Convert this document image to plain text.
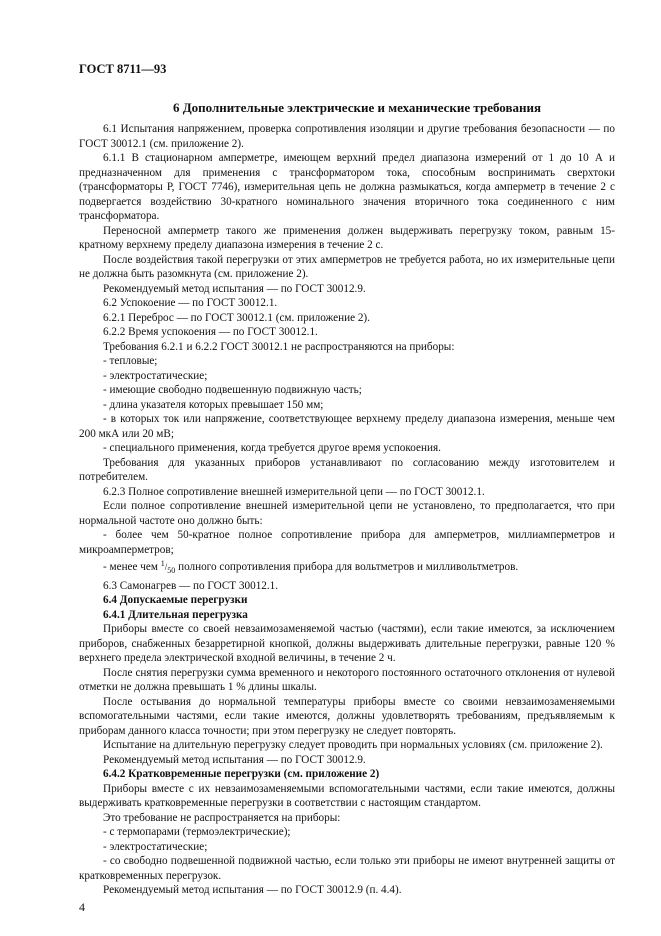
ГОСТ 8711—93
6 Дополнительные электрические и механические требования
6.1 Испытания напряжением, проверка сопротивления изоляции и другие требования безопасности — по ГОСТ 30012.1 (см. приложение 2).
6.1.1 В стационарном амперметре, имеющем верхний предел диапазона измерений от 1 до 10 А и предназначенном для применения с трансформатором тока, способным воспринимать сверхтоки (трансформаторы Р, ГОСТ 7746), измерительная цепь не должна размыкаться, когда амперметр в течение 2 с подвергается воздействию 30-кратного номинального значения вторичного тока соединенного с ним трансформатора.
Переносной амперметр такого же применения должен выдерживать перегрузку током, равным 15-кратному верхнему пределу диапазона измерения в течение 2 с.
После воздействия такой перегрузки от этих амперметров не требуется работа, но их измерительные цепи не должна быть разомкнута (см. приложение 2).
Рекомендуемый метод испытания — по ГОСТ 30012.9.
6.2 Успокоение — по ГОСТ 30012.1.
6.2.1 Переброс — по ГОСТ 30012.1 (см. приложение 2).
6.2.2 Время успокоения — по ГОСТ 30012.1.
Требования 6.2.1 и 6.2.2 ГОСТ 30012.1 не распространяются на приборы:
- тепловые;
- электростатические;
- имеющие свободно подвешенную подвижную часть;
- длина указателя которых превышает 150 мм;
- в которых ток или напряжение, соответствующее верхнему пределу диапазона измерения, меньше чем 200 мкА или 20 мВ;
- специального применения, когда требуется другое время успокоения.
Требования для указанных приборов устанавливают по согласованию между изготовителем и потребителем.
6.2.3 Полное сопротивление внешней измерительной цепи — по ГОСТ 30012.1.
Если полное сопротивление внешней измерительной цепи не установлено, то предполагается, что при нормальной частоте оно должно быть:
- более чем 50-кратное полное сопротивление прибора для амперметров, миллиамперметров и микроамперметров;
- менее чем $^1/_{50}$ полного сопротивления прибора для вольтметров и милливольтметров.
6.3 Самонагрев — по ГОСТ 30012.1.
6.4 Допускаемые перегрузки
6.4.1 Длительная перегрузка
Приборы вместе со своей невзаимозаменяемой частью (частями), если такие имеются, за исключением приборов, снабженных безарретирной кнопкой, должны выдерживать длительные перегрузки, равные 120 % верхнего предела электрической входной величины, в течение 2 ч.
После снятия перегрузки сумма временного и некоторого постоянного остаточного отклонения от нулевой отметки не должна превышать 1 % длины шкалы.
После остывания до нормальной температуры приборы вместе со своими невзаимозаменяемыми вспомогательными частями, если такие имеются, должны удовлетворять требованиям, предъявляемым к приборам данного класса точности; при этом перегрузку не следует повторять.
Испытание на длительную перегрузку следует проводить при нормальных условиях (см. приложение 2).
Рекомендуемый метод испытания — по ГОСТ 30012.9.
6.4.2 Кратковременные перегрузки (см. приложение 2)
Приборы вместе с их невзаимозаменяемыми вспомогательными частями, если такие имеются, должны выдерживать кратковременные перегрузки в соответствии с настоящим стандартом.
Это требование не распространяется на приборы:
- с термопарами (термоэлектрические);
- электростатические;
- со свободно подвешенной подвижной частью, если только эти приборы не имеют внутренней защиты от кратковременных перегрузок.
Рекомендуемый метод испытания — по ГОСТ 30012.9 (п. 4.4).
4
